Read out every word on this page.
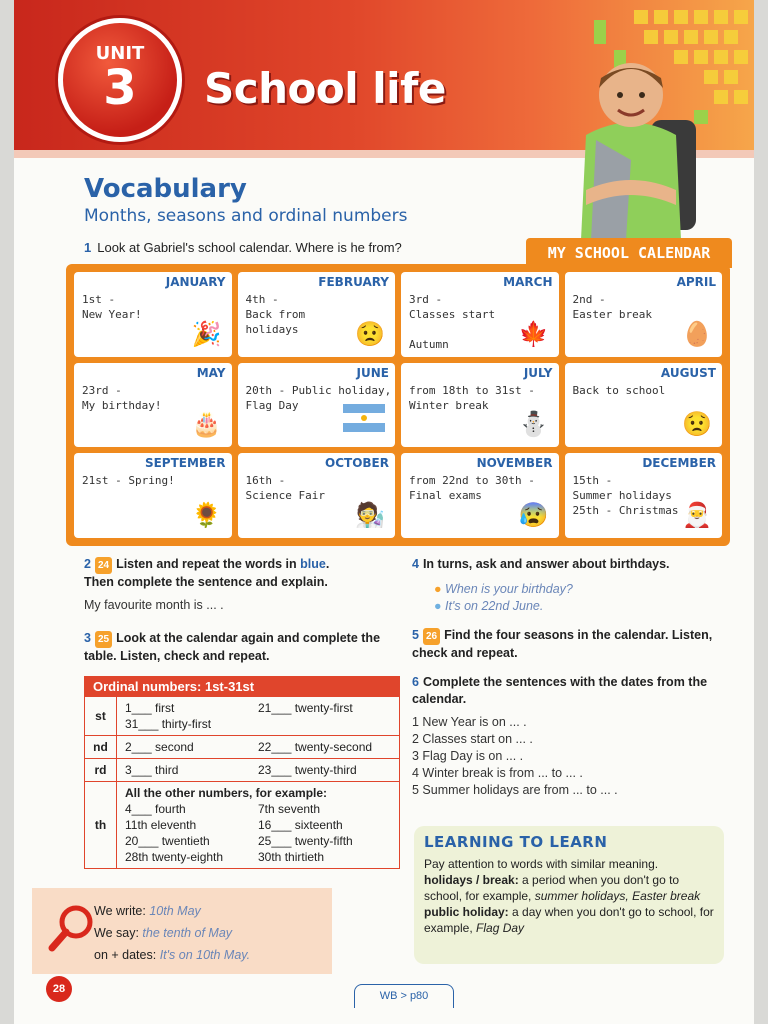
UNIT
3	School life
Vocabulary
Months, seasons and ordinal numbers
1 Look at Gabriel's school calendar. Where is he from?	MY SCHOOL CALENDAR
JANUARY
1st -
New Year!
🎉
FEBRUARY
4th -
Back from
holidays 😟
MARCH
3rd -
Classes start

Autumn	🍁
APRIL
2nd -
Easter break
🥚
MAY
23rd -
My birthday!
🎂
JUNE
20th - Public holiday,
Flag Day
JULY
from 18th to 31st -
Winter break
⛄
AUGUST
Back to school
😟
SEPTEMBER
21st - Spring!
🌻
OCTOBER
16th -
Science Fair
🧑‍🔬
NOVEMBER
from 22nd to 30th -
Final exams
😰
DECEMBER
15th -
Summer holidays
25th - Christmas 🎅
2 24 Listen and repeat the words in blue.
Then complete the sentence and explain.
My favourite month is ... .
3 25 Look at the calendar again and complete the table. Listen, check and repeat.
Ordinal numbers: 1st-31st
st
1___ first	21___ twenty-first
31___ thirty-first
nd	2___ second	22___ twenty-second
rd	3___ third	23___ twenty-third
th
All the other numbers, for example:
4___ fourth	7th seventh
11th eleventh	16___ sixteenth
20___ twentieth	25___ twenty-fifth
28th twenty-eighth	30th thirtieth
We write: 10th May
We say: the tenth of May
on + dates: It's on 10th May.
4 In turns, ask and answer about birthdays.
● When is your birthday?
● It's on 22nd June.
5 26 Find the four seasons in the calendar. Listen, check and repeat.
6 Complete the sentences with the dates from the calendar.
1 New Year is on ... .
2 Classes start on ... .
3 Flag Day is on ... .
4 Winter break is from ... to ... .
5 Summer holidays are from ... to ... .
LEARNING TO LEARN
Pay attention to words with similar meaning.
holidays / break: a period when you don't go to school, for example, summer holidays, Easter break
public holiday: a day when you don't go to school, for example, Flag Day
28
WB > p80
